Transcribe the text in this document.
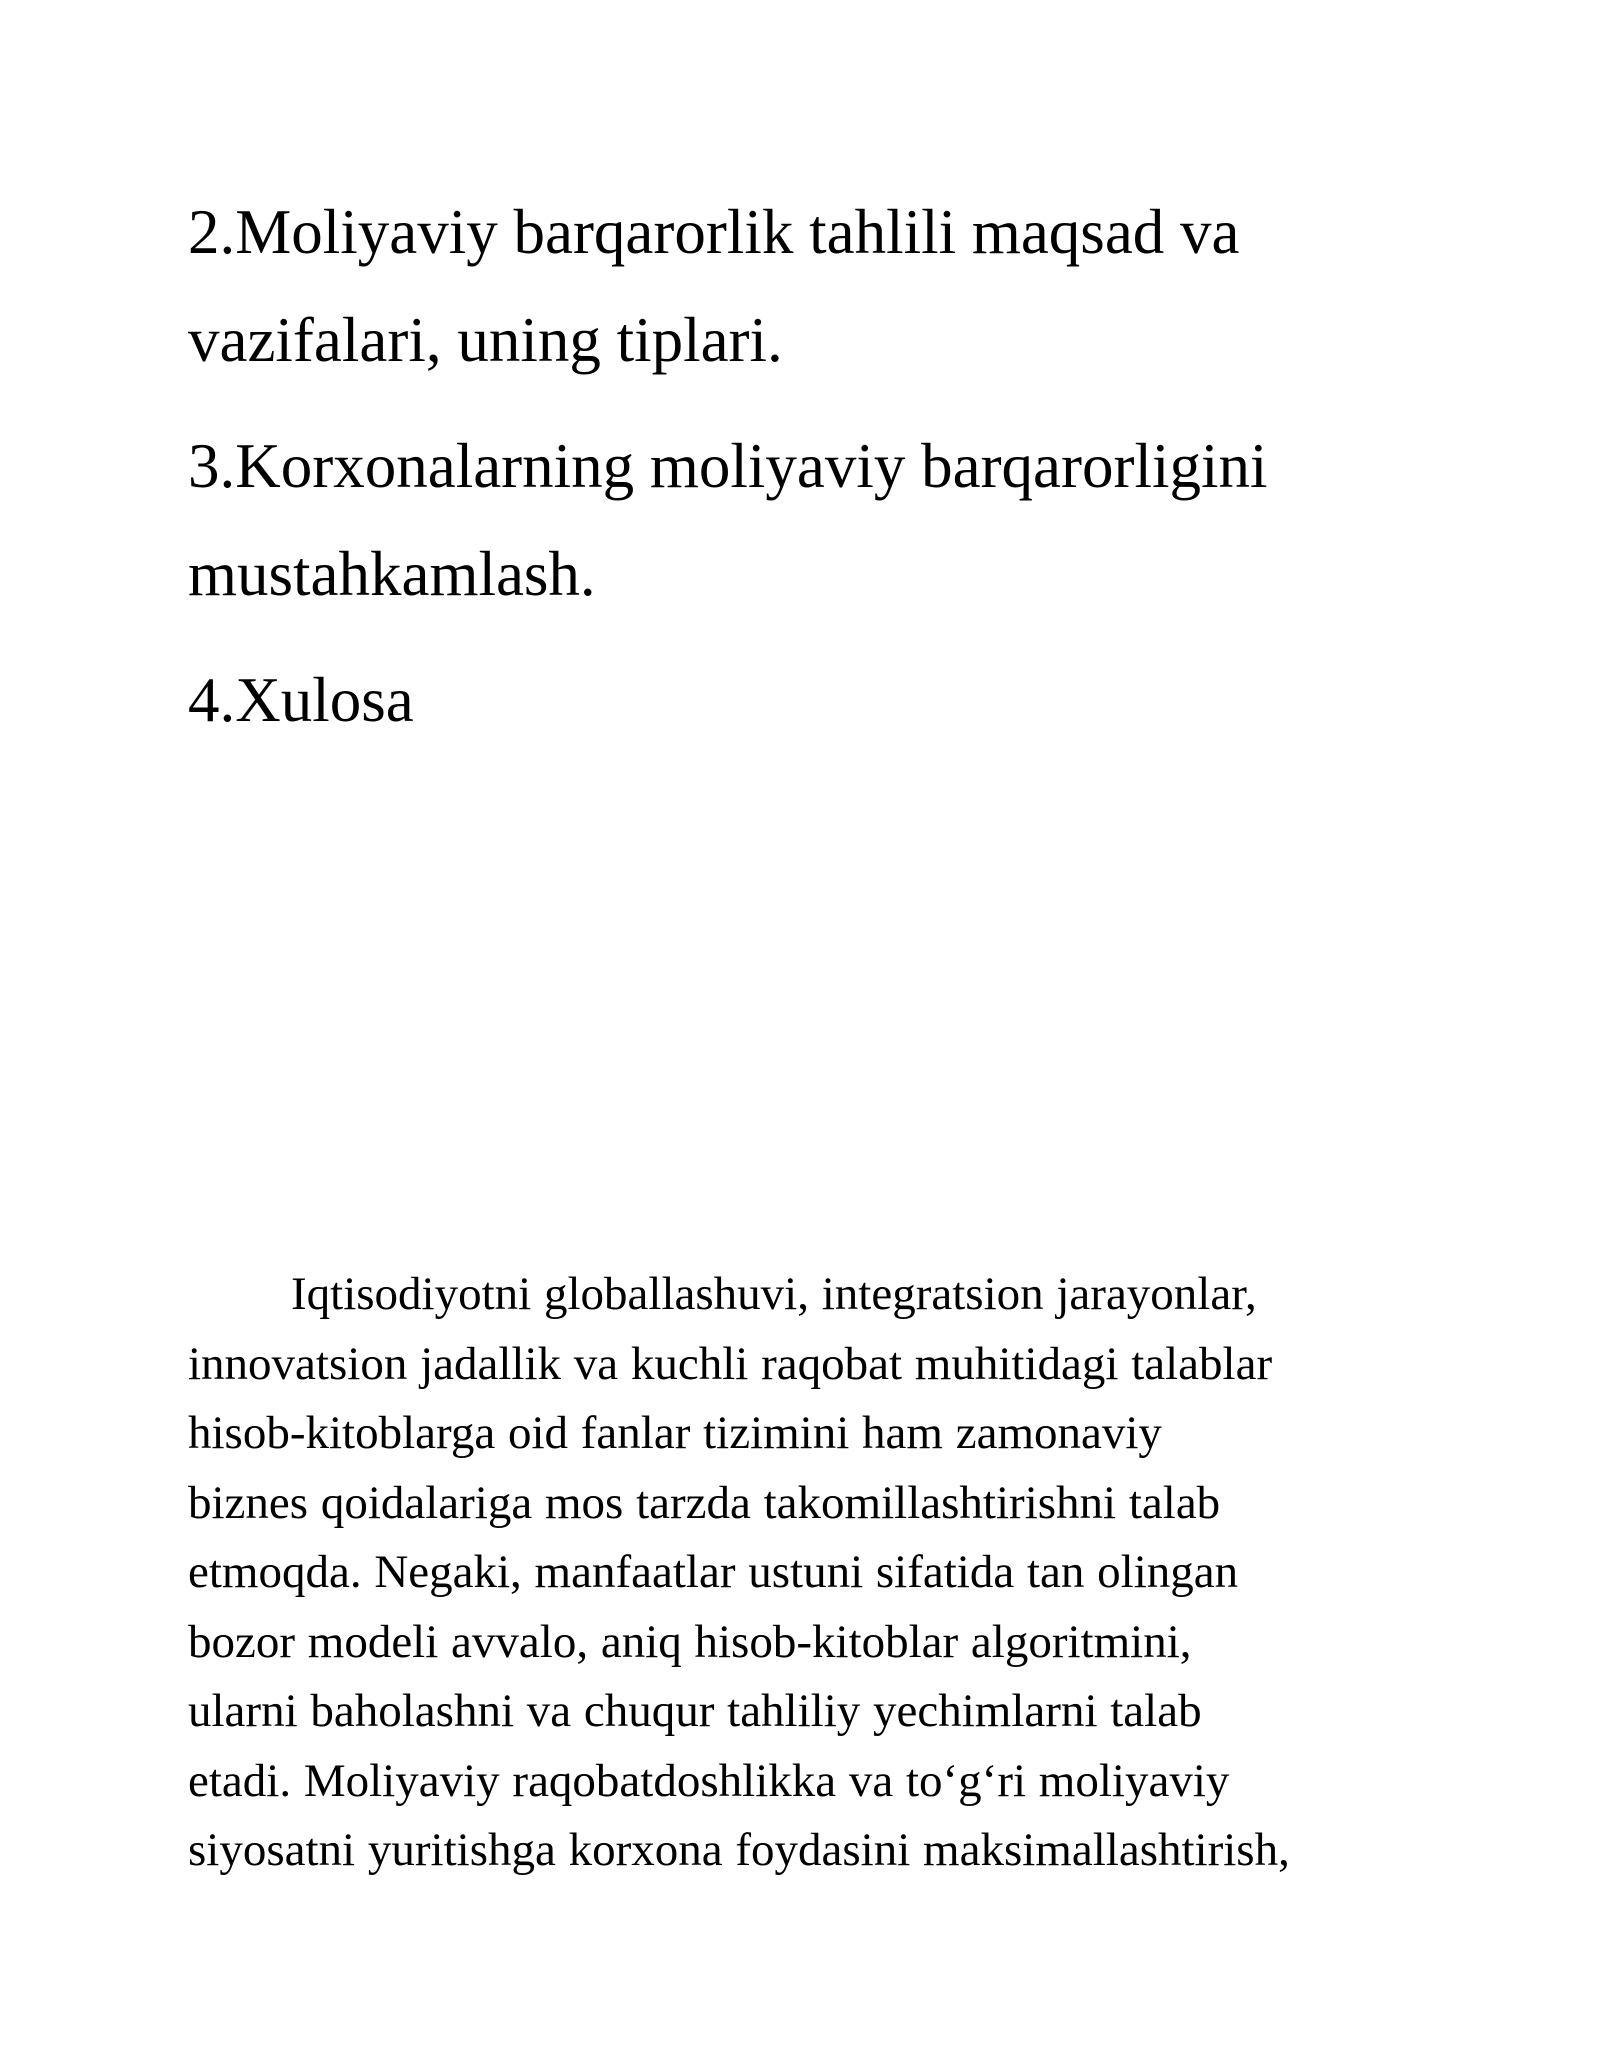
2.Moliyaviy barqarorlik tahlili maqsad va
vazifalari, uning tiplari.
3.Korxonalarning moliyaviy barqarorligini
mustahkamlash.
4.Xulosa

Iqtisodiyotni globallashuvi, integratsion jarayonlar,
innovatsion jadallik va kuchli raqobat muhitidagi talablar
hisob-kitoblarga oid fanlar tizimini ham zamonaviy
biznes qoidalariga mos tarzda takomillashtirishni talab
etmoqda. Negaki, manfaatlar ustuni sifatida tan olingan
bozor modeli avvalo, aniq hisob-kitoblar algoritmini,
ularni baholashni va chuqur tahliliy yechimlarni talab
etadi. Moliyaviy raqobatdoshlikka va to‘g‘ri moliyaviy
siyosatni yuritishga korxona foydasini maksimallashtirish,
